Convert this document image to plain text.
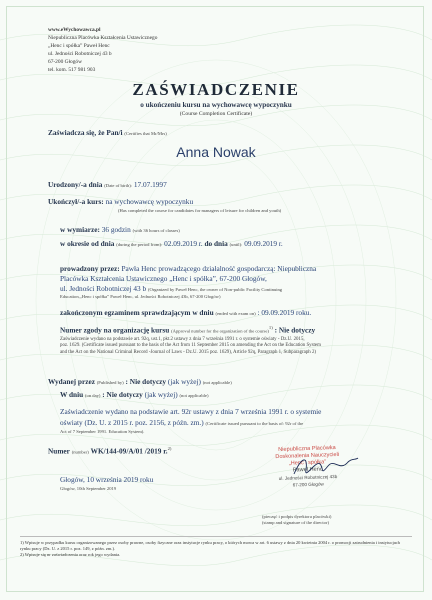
www.eWychowawca.pl
Niepubliczna Placówka Kształcenia Ustawicznego
„Henc i spółka” Paweł Henc
ul. Jedności Robotniczej 43 b
67-200 Głogów
tel. kom. 517 981 903
ZAŚWIADCZENIE
o ukończeniu kursu na wychowawcę wypoczynku
(Course Completion Certificate)
Zaświadcza się, że Pan/i (Certifies that Mr/Mrs)
Anna Nowak
Urodzony/-a dnia (Date of birth): 17.07.1997
Ukończył/-a kurs: na wychowawcę wypoczynku
(Has completed the course for candidates for managers of leisure for children and youth)
w wymiarze: 36 godzin (with 36 hours of classes)
w okresie od dnia (during the period from): 02.09.2019 r. do dnia (until): 09.09.2019 r.
prowadzony przez: Pawła Henc prowadzącego działalność gospodarczą: Niepubliczna
Placówka Kształcenia Ustawicznego „Henc i spółka”, 67-200 Głogów,
ul. Jedności Robotniczej 43 b (Organized by Paweł Henc, the owner of Non-public Facility Continuing
Education,„Henc i spółka” Paweł Henc, ul. Jedności Robotniczej 43b, 67-200 Głogów)
zakończonym egzaminem sprawdzającym w dniu (ended with exam on) : 09.09.2019 roku.
Numer zgody na organizację kursu (Approval number for the organization of the course)$^{1)}$ : Nie dotyczy
Zaświadczenie wydano na podstawie art. 92q, ust.1, pkt.2 ustawy z dnia 7 września 1991 r. o systemie oświaty - Dz.U. 2015,
poz. 1629. (Certificate issued pursuant to the basis of the Act from 11 September 2015 on amending the Act on the Education System
and the Act on the National Criminal Record -Journal of Laws - Dz.U. 2015 poz. 1629), Article 92q, Paragraph 1, Subparagraph 2)
Wydanej przez (Published by) : Nie dotyczy (jak wyżej) (not applicable)
W dniu (on day) : Nie dotyczy (jak wyżej) (not applicable)
Zaświadczenie wydano na podstawie art. 92r ustawy z dnia 7 września 1991 r. o systemie
oświaty (Dz. U. z 2015 r. poz. 2156, z późn. zm.) (Certificate issued pursuant to the basis of: 92r of the
Act of 7 September 1991. Education System).
Numer (number) WK/144-09/A/01 /2019 r.$^{2)}$
Głogów, 10 września 2019 roku
Głogów, 10th September 2019
Niepubliczna Placówka
Doskonalenia Nauczycieli
„Henc i spółka”
Paweł Henc
ul. Jedności Robotniczej 43b
67-200 Głogów
(pieczęć i podpis dyrektora placówki)
(stamp and signature of the director)
1) Wpisuje w przypadku kursu organizowanego przez osoby prawne, osoby fizyczne oraz instytucje rynku pracy, o których mowa w art. 6 ustawy z dnia 20 kwietnia 2004 r. o promocji zatrudnienia i instytucjach rynku pracy (Dz. U. z 2015 r. poz. 149, z późn. zm.).
2) Wpisuje się nr zaświadczenia oraz rok jego wydania.
